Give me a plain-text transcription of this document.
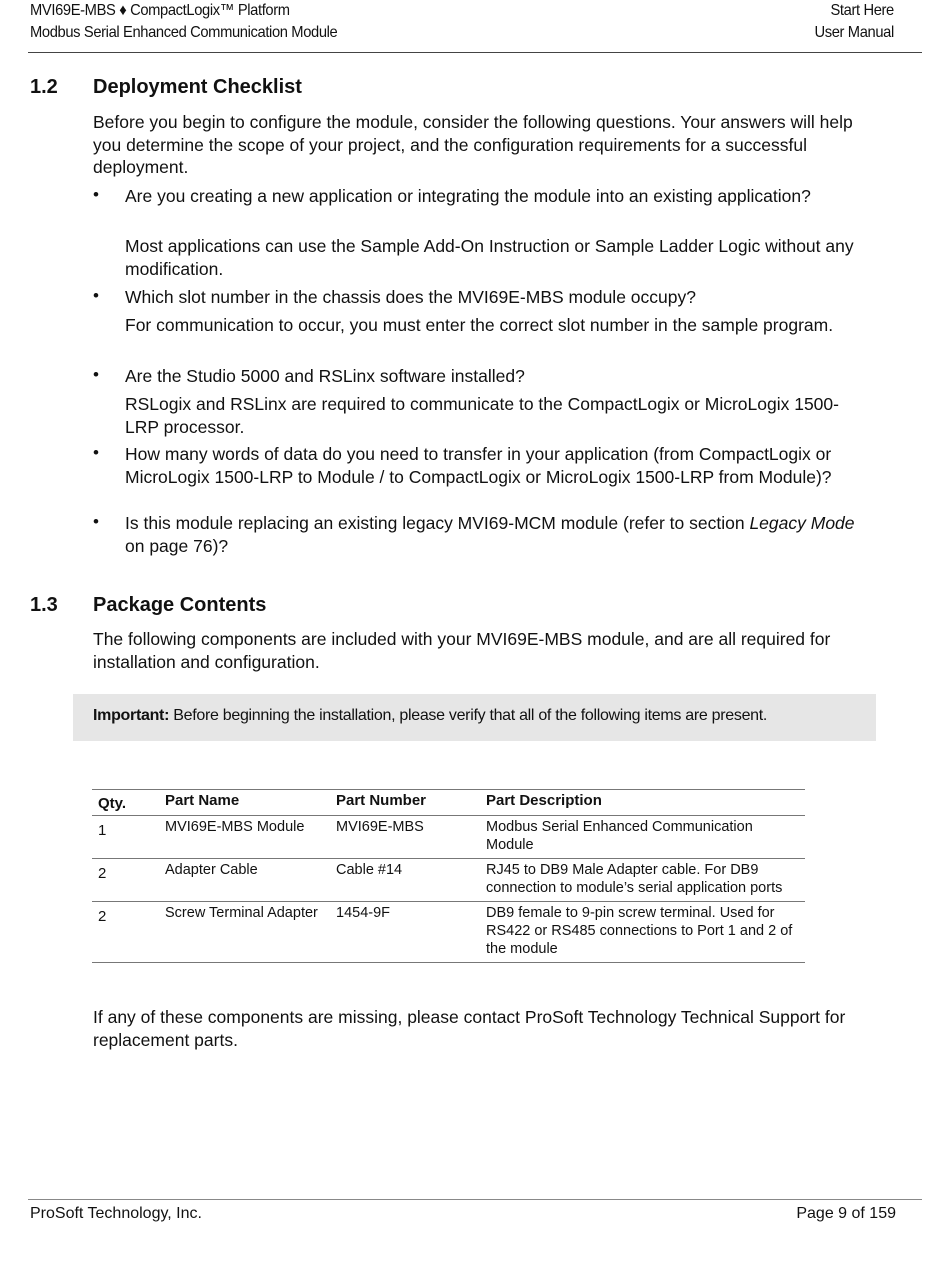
MVI69E-MBS ♦ CompactLogix™ Platform	Start Here
Modbus Serial Enhanced Communication Module	User Manual
1.2 Deployment Checklist

Before you begin to configure the module, consider the following questions. Your answers will help you determine the scope of your project, and the configuration requirements for a successful deployment.

• Are you creating a new application or integrating the module into an existing application?

Most applications can use the Sample Add-On Instruction or Sample Ladder Logic without any modification.

• Which slot number in the chassis does the MVI69E-MBS module occupy?

For communication to occur, you must enter the correct slot number in the sample program.

• Are the Studio 5000 and RSLinx software installed?

RSLogix and RSLinx are required to communicate to the CompactLogix or MicroLogix 1500-LRP processor.

• How many words of data do you need to transfer in your application (from CompactLogix or MicroLogix 1500-LRP to Module / to CompactLogix or MicroLogix 1500-LRP from Module)?

• Is this module replacing an existing legacy MVI69-MCM module (refer to section Legacy Mode on page 76)?

1.3 Package Contents

The following components are included with your MVI69E-MBS module, and are all required for installation and configuration.

Important: Before beginning the installation, please verify that all of the following items are present.
Qty.	Part Name	Part Number	Part Description
1	MVI69E-MBS Module	MVI69E-MBS	Modbus Serial Enhanced Communication Module
2	Adapter Cable	Cable #14	RJ45 to DB9 Male Adapter cable. For DB9 connection to module’s serial application ports
2	Screw Terminal Adapter	1454-9F	DB9 female to 9-pin screw terminal. Used for RS422 or RS485 connections to Port 1 and 2 of the module

If any of these components are missing, please contact ProSoft Technology Technical Support for replacement parts.

ProSoft Technology, Inc.	Page 9 of 159
